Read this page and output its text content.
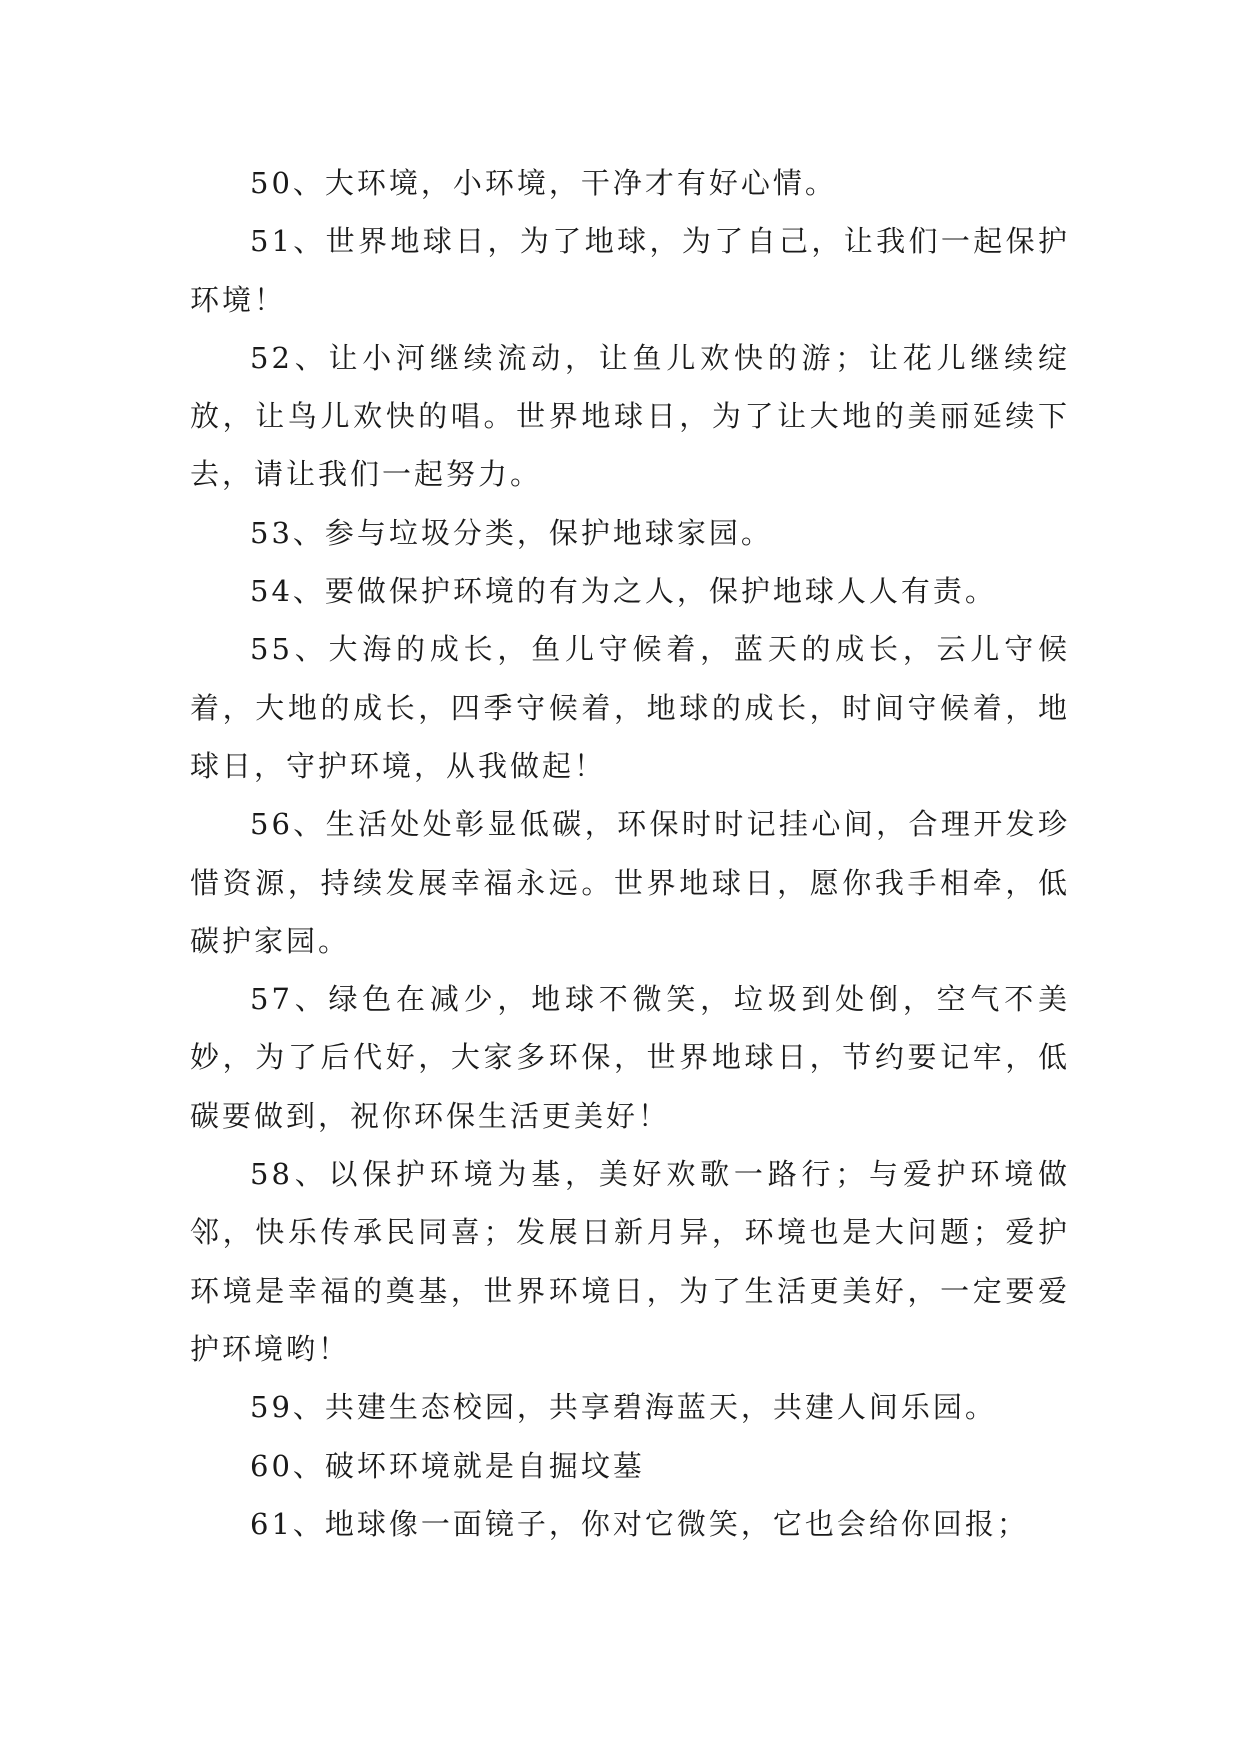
50、大环境，小环境，干净才有好心情。

51、世界地球日，为了地球，为了自己，让我们一起保护环境！

52、让小河继续流动，让鱼儿欢快的游；让花儿继续绽放，让鸟儿欢快的唱。世界地球日，为了让大地的美丽延续下去，请让我们一起努力。

53、参与垃圾分类，保护地球家园。

54、要做保护环境的有为之人，保护地球人人有责。

55、大海的成长，鱼儿守候着，蓝天的成长，云儿守候着，大地的成长，四季守候着，地球的成长，时间守候着，地球日，守护环境，从我做起！

56、生活处处彰显低碳，环保时时记挂心间，合理开发珍惜资源，持续发展幸福永远。世界地球日，愿你我手相牵，低碳护家园。

57、绿色在减少，地球不微笑，垃圾到处倒，空气不美妙，为了后代好，大家多环保，世界地球日，节约要记牢，低碳要做到，祝你环保生活更美好！

58、以保护环境为基，美好欢歌一路行；与爱护环境做邻，快乐传承民同喜；发展日新月异，环境也是大问题；爱护环境是幸福的奠基，世界环境日，为了生活更美好，一定要爱护环境哟！

59、共建生态校园，共享碧海蓝天，共建人间乐园。

60、破坏环境就是自掘坟墓

61、地球像一面镜子，你对它微笑，它也会给你回报；
